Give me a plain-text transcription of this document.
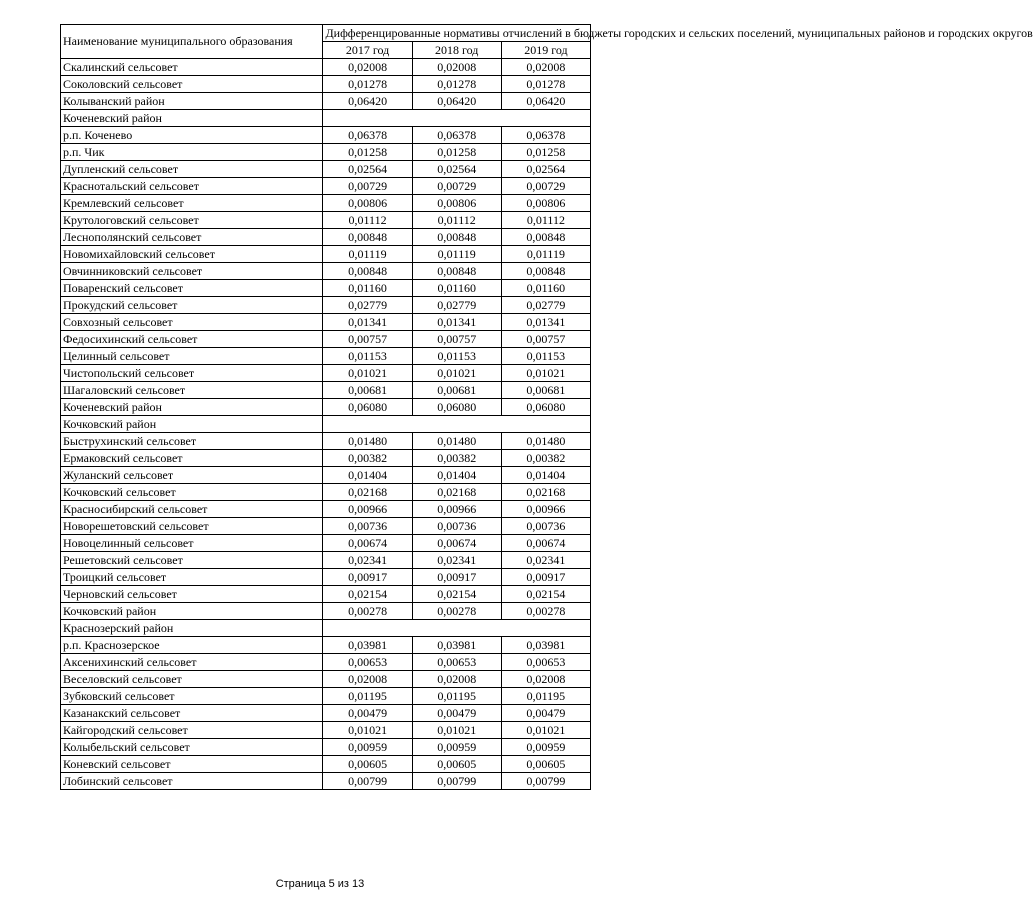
Наименование муниципального образования	Дифференцированные нормативы отчислений в бюджеты городских и сельских поселений, муниципальных районов и городских округов		
	2017 год	2018 год	2019 год
Скалинский сельсовет	0,02008	0,02008	0,02008
Соколовский сельсовет	0,01278	0,01278	0,01278
Колыванский район	0,06420	0,06420	0,06420
Коченевский район			
р.п. Коченево	0,06378	0,06378	0,06378
р.п. Чик	0,01258	0,01258	0,01258
Дупленский сельсовет	0,02564	0,02564	0,02564
Краснотальский сельсовет	0,00729	0,00729	0,00729
Кремлевский сельсовет	0,00806	0,00806	0,00806
Крутологовский сельсовет	0,01112	0,01112	0,01112
Леснополянский сельсовет	0,00848	0,00848	0,00848
Новомихайловский сельсовет	0,01119	0,01119	0,01119
Овчинниковский сельсовет	0,00848	0,00848	0,00848
Поваренский сельсовет	0,01160	0,01160	0,01160
Прокудский сельсовет	0,02779	0,02779	0,02779
Совхозный сельсовет	0,01341	0,01341	0,01341
Федосихинский сельсовет	0,00757	0,00757	0,00757
Целинный сельсовет	0,01153	0,01153	0,01153
Чистопольский сельсовет	0,01021	0,01021	0,01021
Шагаловский сельсовет	0,00681	0,00681	0,00681
Коченевский район	0,06080	0,06080	0,06080
Кочковский район			
Быструхинский сельсовет	0,01480	0,01480	0,01480
Ермаковский сельсовет	0,00382	0,00382	0,00382
Жуланский сельсовет	0,01404	0,01404	0,01404
Кочковский сельсовет	0,02168	0,02168	0,02168
Красносибирский сельсовет	0,00966	0,00966	0,00966
Новорешетовский сельсовет	0,00736	0,00736	0,00736
Новоцелинный сельсовет	0,00674	0,00674	0,00674
Решетовский сельсовет	0,02341	0,02341	0,02341
Троицкий сельсовет	0,00917	0,00917	0,00917
Черновский сельсовет	0,02154	0,02154	0,02154
Кочковский район	0,00278	0,00278	0,00278
Краснозерский район			
р.п. Краснозерское	0,03981	0,03981	0,03981
Аксенихинский сельсовет	0,00653	0,00653	0,00653
Веселовский сельсовет	0,02008	0,02008	0,02008
Зубковский сельсовет	0,01195	0,01195	0,01195
Казанакский сельсовет	0,00479	0,00479	0,00479
Кайгородский сельсовет	0,01021	0,01021	0,01021
Колыбельский сельсовет	0,00959	0,00959	0,00959
Коневский сельсовет	0,00605	0,00605	0,00605
Лобинский сельсовет	0,00799	0,00799	0,00799
Страница 5 из 13
